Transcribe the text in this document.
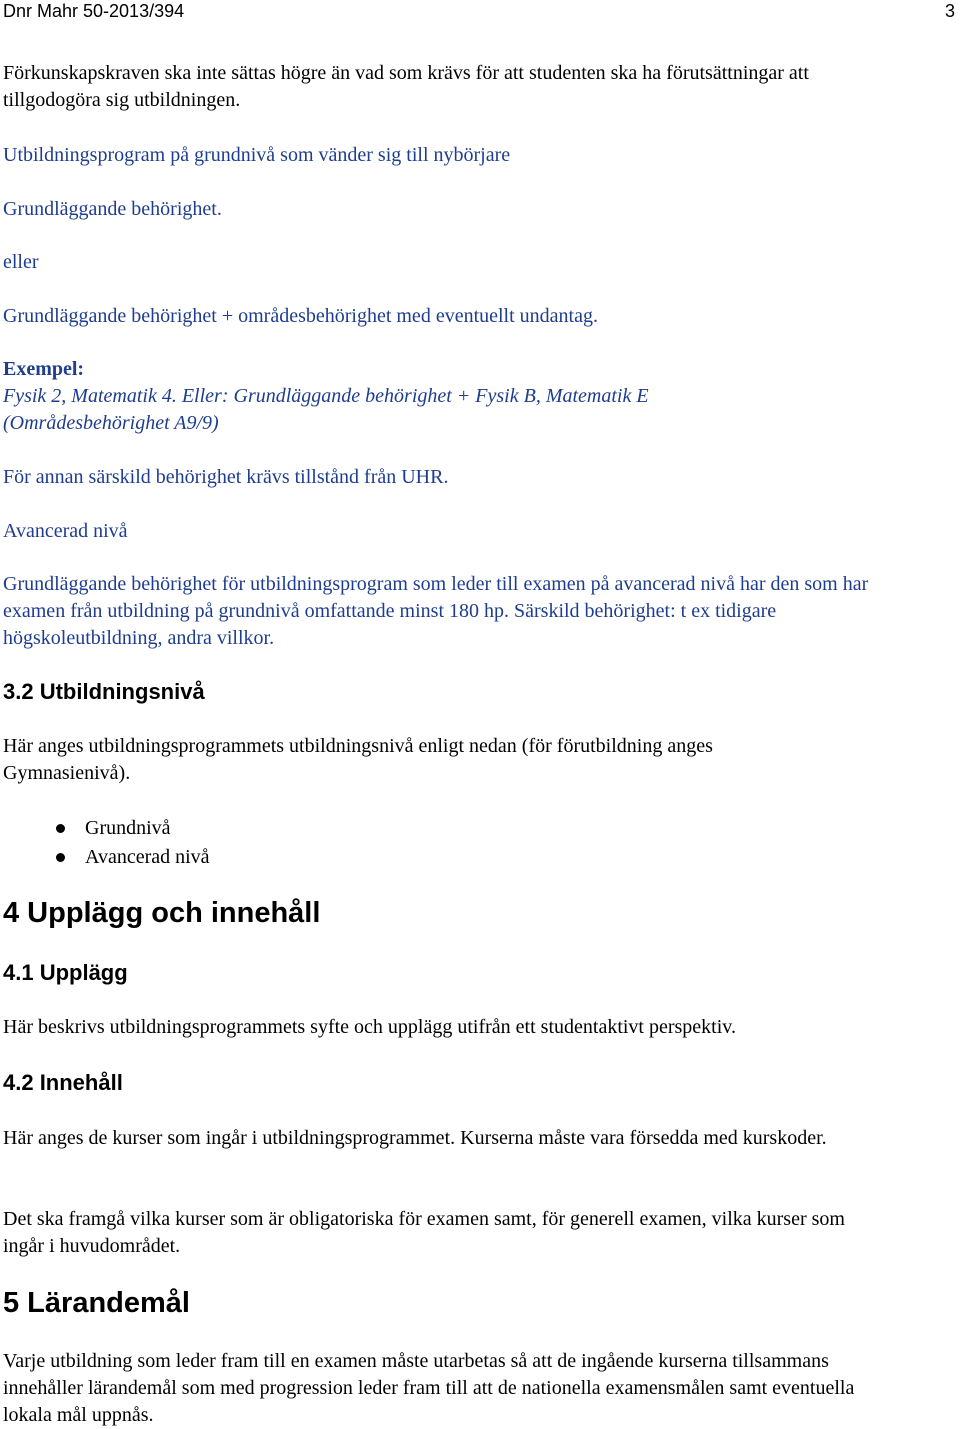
Dnr Mahr 50-2013/394	3

Förkunskapskraven ska inte sättas högre än vad som krävs för att studenten ska ha förutsättningar att tillgodogöra sig utbildningen.

Utbildningsprogram på grundnivå som vänder sig till nybörjare

Grundläggande behörighet.

eller

Grundläggande behörighet + områdesbehörighet med eventuellt undantag.

Exempel:

Fysik 2, Matematik 4. Eller: Grundläggande behörighet + Fysik B, Matematik E

(Områdesbehörighet A9/9)

För annan särskild behörighet krävs tillstånd från UHR.

Avancerad nivå

Grundläggande behörighet för utbildningsprogram som leder till examen på avancerad nivå har den som har examen från utbildning på grundnivå omfattande minst 180 hp. Särskild behörighet: t ex tidigare högskoleutbildning, andra villkor.

3.2 Utbildningsnivå

Här anges utbildningsprogrammets utbildningsnivå enligt nedan (för förutbildning anges Gymnasienivå).

Grundnivå
Avancerad nivå

4 Upplägg och innehåll

4.1 Upplägg

Här beskrivs utbildningsprogrammets syfte och upplägg utifrån ett studentaktivt perspektiv.

4.2 Innehåll

Här anges de kurser som ingår i utbildningsprogrammet. Kurserna måste vara försedda med kurskoder.

Det ska framgå vilka kurser som är obligatoriska för examen samt, för generell examen, vilka kurser som ingår i huvudområdet.

5 Lärandemål

Varje utbildning som leder fram till en examen måste utarbetas så att de ingående kurserna tillsammans innehåller lärandemål som med progression leder fram till att de nationella examensmålen samt eventuella lokala mål uppnås.
